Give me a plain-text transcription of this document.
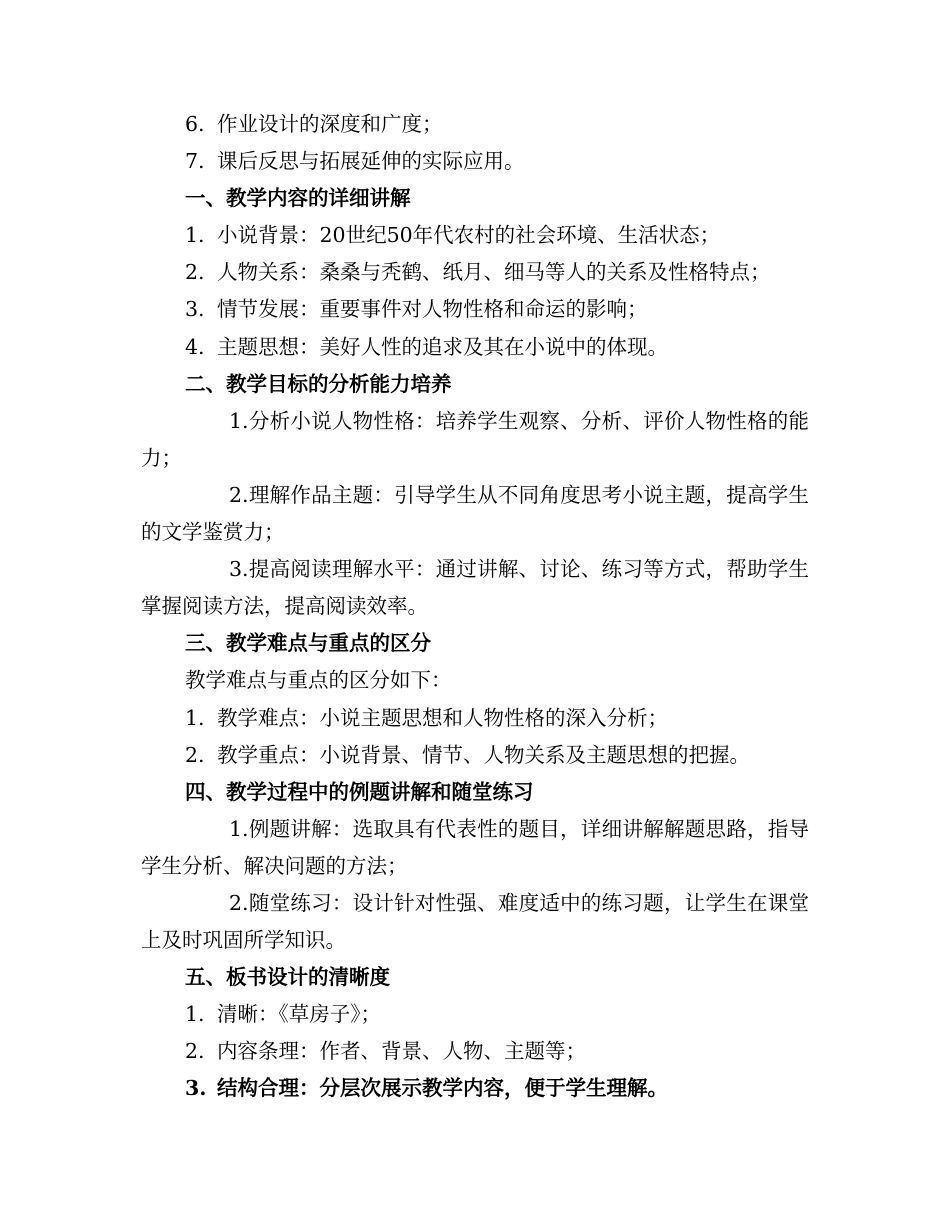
6. 作业设计的深度和广度；
7. 课后反思与拓展延伸的实际应用。
一、教学内容的详细讲解
1. 小说背景：20世纪50年代农村的社会环境、生活状态；
2. 人物关系：桑桑与秃鹤、纸月、细马等人的关系及性格特点；
3. 情节发展：重要事件对人物性格和命运的影响；
4. 主题思想：美好人性的追求及其在小说中的体现。
二、教学目标的分析能力培养
1.分析小说人物性格：培养学生观察、分析、评价人物性格的能力；
2.理解作品主题：引导学生从不同角度思考小说主题，提高学生的文学鉴赏力；
3.提高阅读理解水平：通过讲解、讨论、练习等方式，帮助学生掌握阅读方法，提高阅读效率。
三、教学难点与重点的区分
教学难点与重点的区分如下：
1. 教学难点：小说主题思想和人物性格的深入分析；
2. 教学重点：小说背景、情节、人物关系及主题思想的把握。
四、教学过程中的例题讲解和随堂练习
1.例题讲解：选取具有代表性的题目，详细讲解解题思路，指导学生分析、解决问题的方法；
2.随堂练习：设计针对性强、难度适中的练习题，让学生在课堂上及时巩固所学知识。
五、板书设计的清晰度
1. 清晰：《草房子》；
2. 内容条理：作者、背景、人物、主题等；
3. 结构合理：分层次展示教学内容，便于学生理解。
